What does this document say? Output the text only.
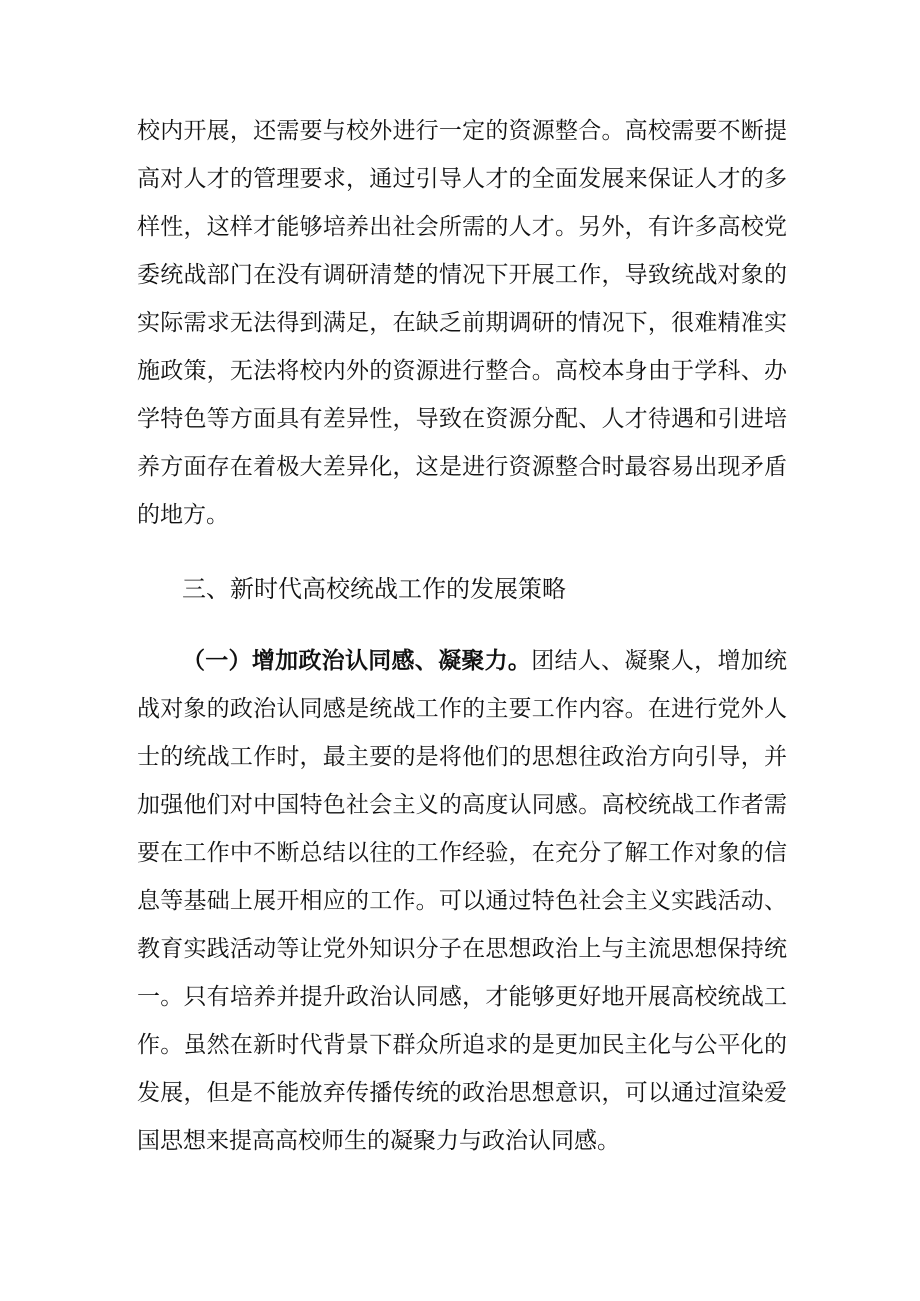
校内开展，还需要与校外进行一定的资源整合。高校需要不断提
高对人才的管理要求，通过引导人才的全面发展来保证人才的多
样性，这样才能够培养出社会所需的人才。另外，有许多高校党
委统战部门在没有调研清楚的情况下开展工作，导致统战对象的
实际需求无法得到满足，在缺乏前期调研的情况下，很难精准实
施政策，无法将校内外的资源进行整合。高校本身由于学科、办
学特色等方面具有差异性，导致在资源分配、人才待遇和引进培
养方面存在着极大差异化，这是进行资源整合时最容易出现矛盾
的地方。
三、新时代高校统战工作的发展策略
（一）增加政治认同感、凝聚力。团结人、凝聚人，增加统
战对象的政治认同感是统战工作的主要工作内容。在进行党外人
士的统战工作时，最主要的是将他们的思想往政治方向引导，并
加强他们对中国特色社会主义的高度认同感。高校统战工作者需
要在工作中不断总结以往的工作经验，在充分了解工作对象的信
息等基础上展开相应的工作。可以通过特色社会主义实践活动、
教育实践活动等让党外知识分子在思想政治上与主流思想保持统
一。只有培养并提升政治认同感，才能够更好地开展高校统战工
作。虽然在新时代背景下群众所追求的是更加民主化与公平化的
发展，但是不能放弃传播传统的政治思想意识，可以通过渲染爱
国思想来提高高校师生的凝聚力与政治认同感。
